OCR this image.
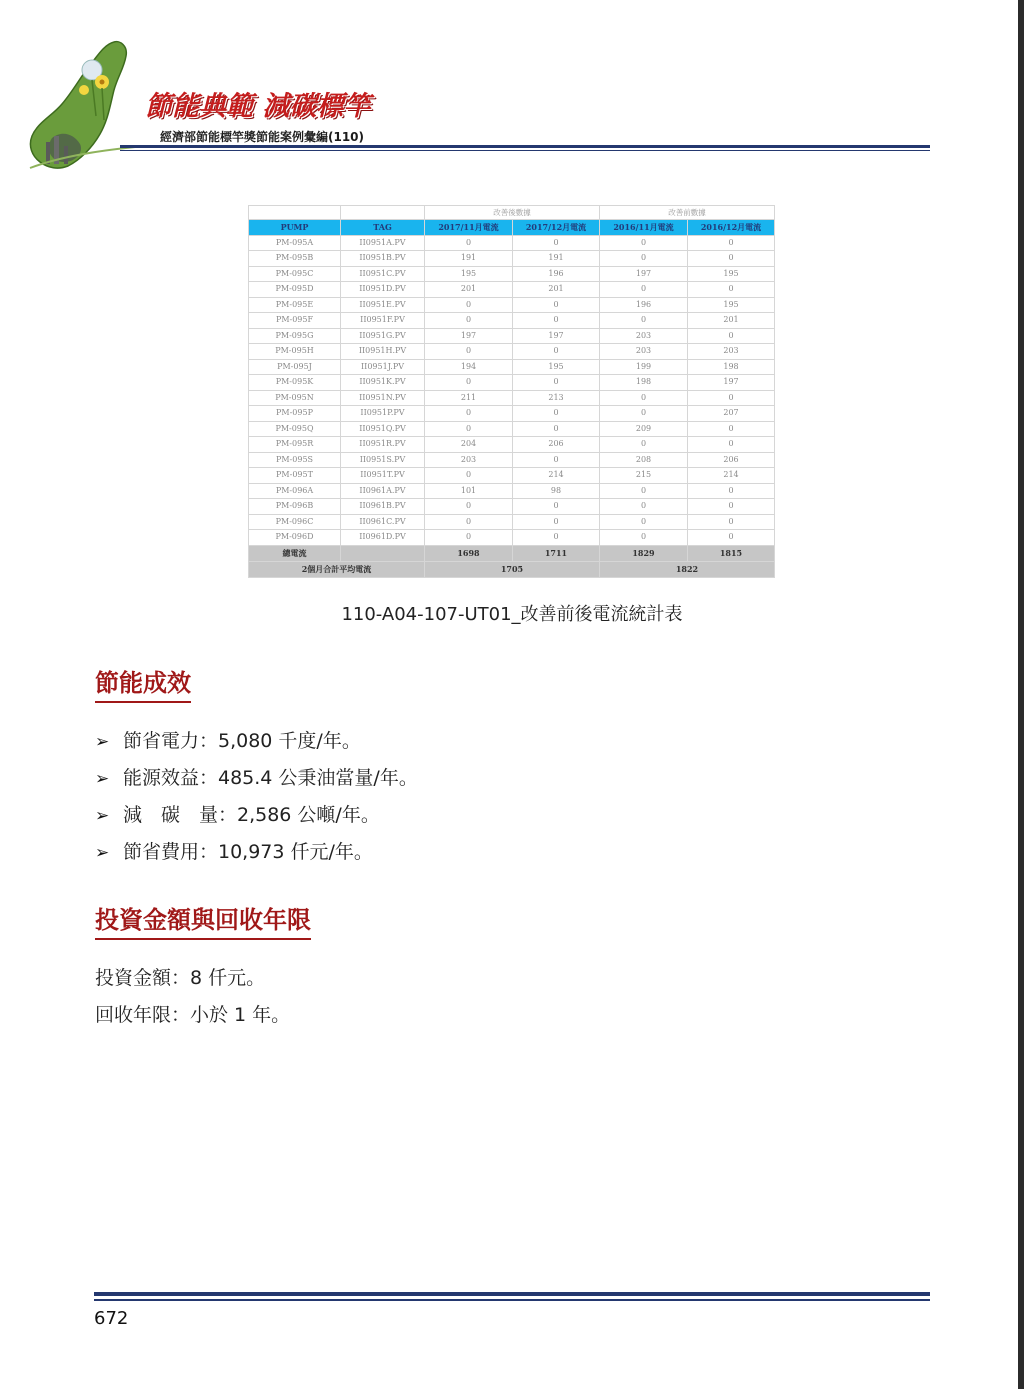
節能典範 減碳標竿
經濟部節能標竿獎節能案例彙編(110)
		改善後數據		改善前數據	
PUMP	TAG	2017/11月電流	2017/12月電流	2016/11月電流	2016/12月電流
PM-095A	II0951A.PV	0	0	0	0
PM-095B	II0951B.PV	191	191	0	0
PM-095C	II0951C.PV	195	196	197	195
PM-095D	II0951D.PV	201	201	0	0
PM-095E	II0951E.PV	0	0	196	195
PM-095F	II0951F.PV	0	0	0	201
PM-095G	II0951G.PV	197	197	203	0
PM-095H	II0951H.PV	0	0	203	203
PM-095J	II0951J.PV	194	195	199	198
PM-095K	II0951K.PV	0	0	198	197
PM-095N	II0951N.PV	211	213	0	0
PM-095P	II0951P.PV	0	0	0	207
PM-095Q	II0951Q.PV	0	0	209	0
PM-095R	II0951R.PV	204	206	0	0
PM-095S	II0951S.PV	203	0	208	206
PM-095T	II0951T.PV	0	214	215	214
PM-096A	II0961A.PV	101	98	0	0
PM-096B	II0961B.PV	0	0	0	0
PM-096C	II0961C.PV	0	0	0	0
PM-096D	II0961D.PV	0	0	0	0
總電流		1698	1711	1829	1815
2個月合計平均電流		1705		1822	
110-A04-107-UT01_改善前後電流統計表
節能成效
➢ 節省電力：5,080 千度/年。
➢ 能源效益：485.4 公秉油當量/年。
➢ 減　碳　量：2,586 公噸/年。
➢ 節省費用：10,973 仟元/年。
投資金額與回收年限
投資金額：8 仟元。
回收年限：小於 1 年。
672
